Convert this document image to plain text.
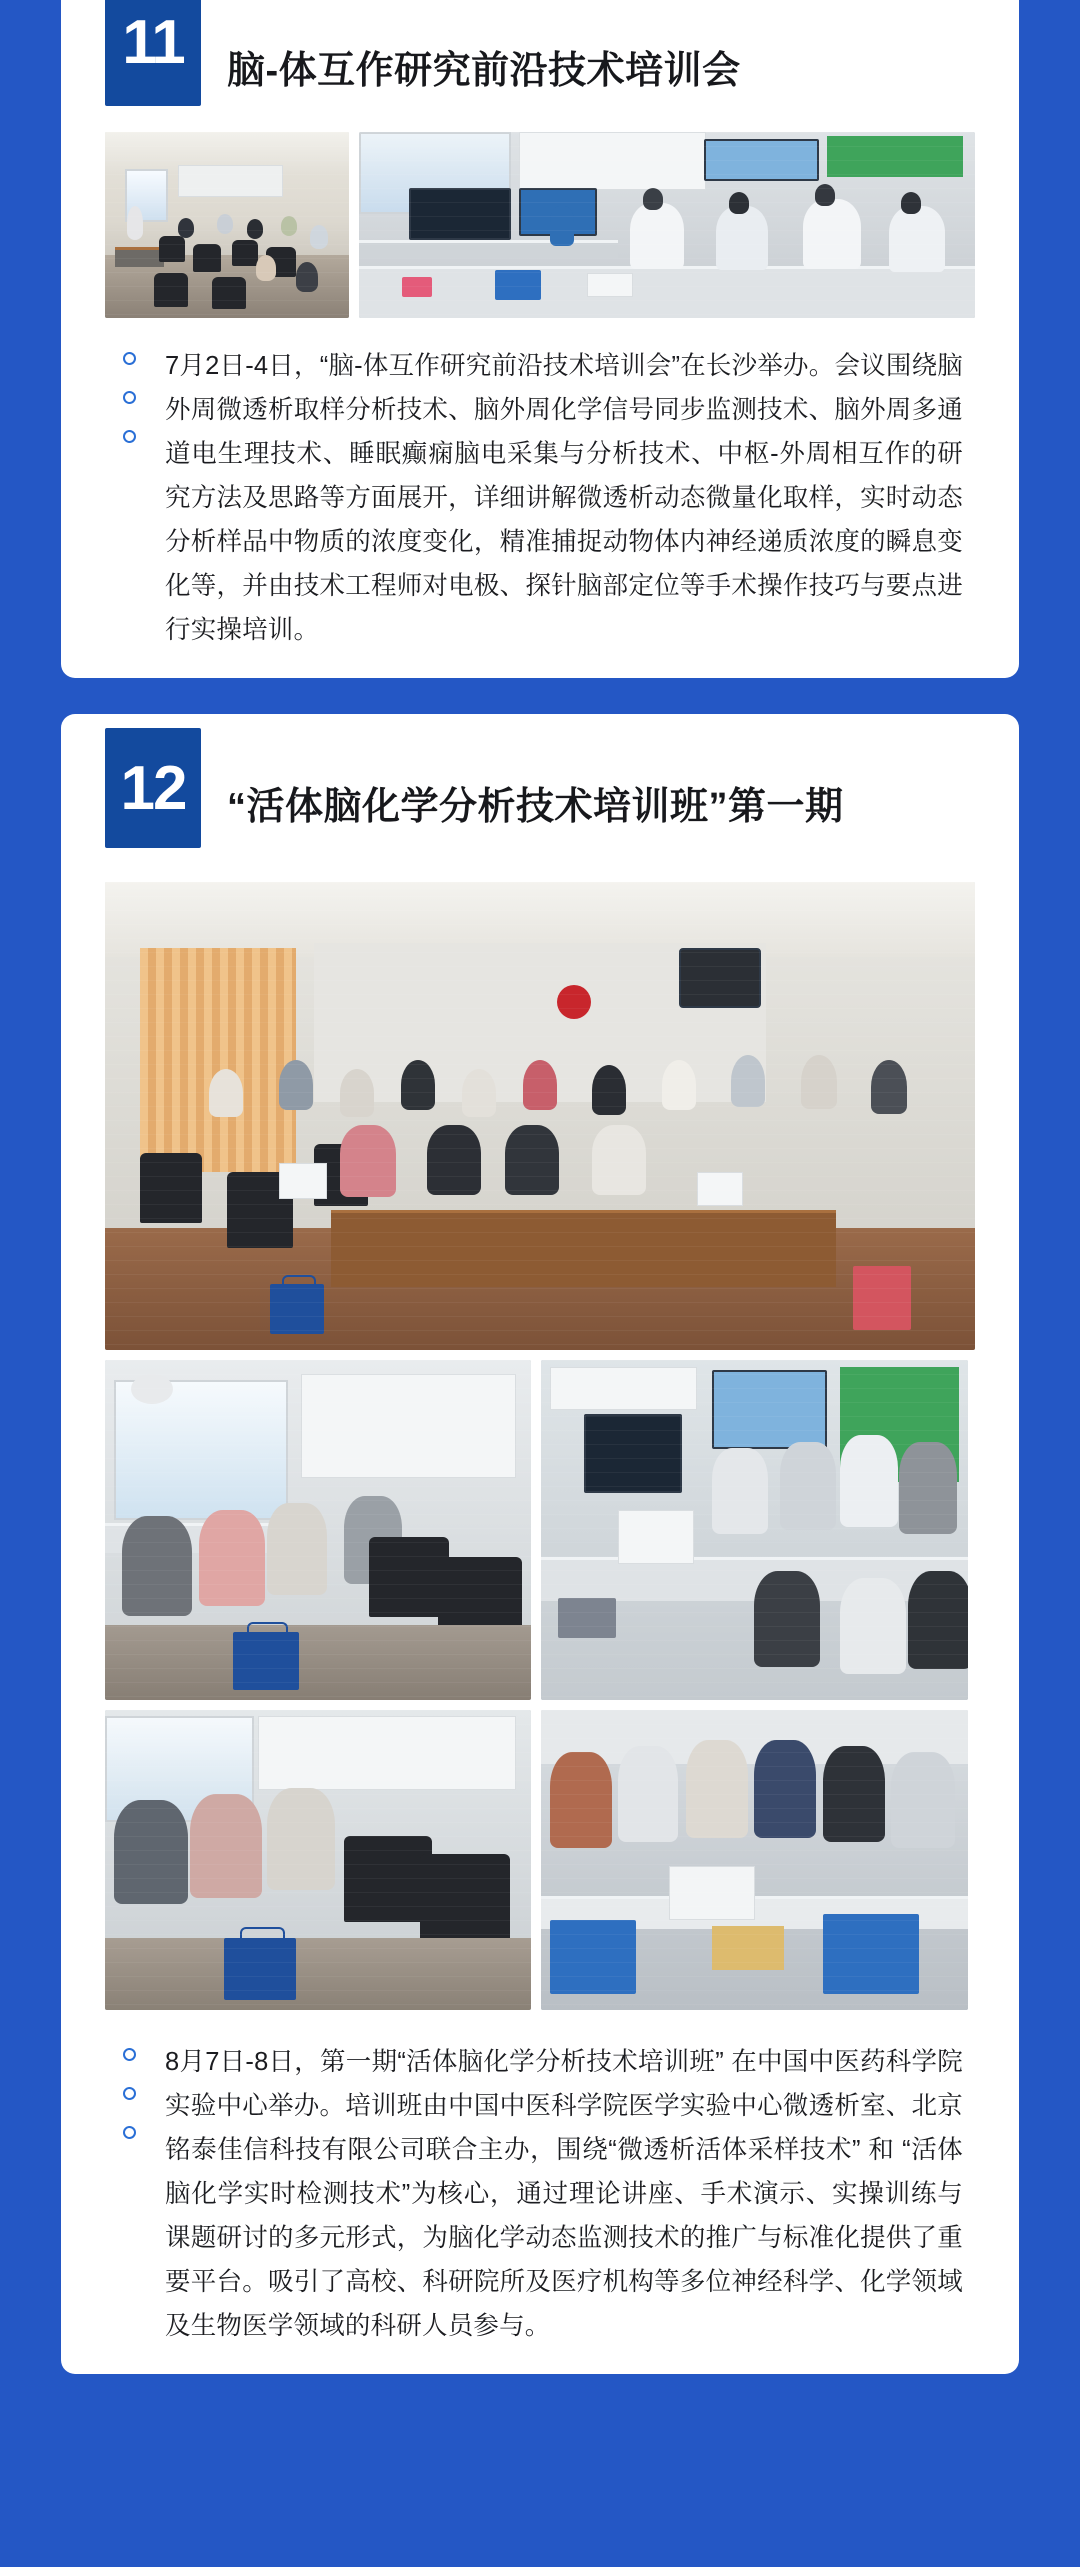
11	脑-体互作研究前沿技术培训会

7月2日-4日，“脑-体互作研究前沿技术培训会”在长沙举办。会议围绕脑外周微透析取样分析技术、脑外周化学信号同步监测技术、脑外周多通道电生理技术、睡眠癫痫脑电采集与分析技术、中枢-外周相互作的研究方法及思路等方面展开，详细讲解微透析动态微量化取样，实时动态分析样品中物质的浓度变化，精准捕捉动物体内神经递质浓度的瞬息变化等，并由技术工程师对电极、探针脑部定位等手术操作技巧与要点进行实操培训。

12	“活体脑化学分析技术培训班”第一期

8月7日-8日，第一期“活体脑化学分析技术培训班” 在中国中医药科学院实验中心举办。培训班由中国中医科学院医学实验中心微透析室、北京铭泰佳信科技有限公司联合主办，围绕“微透析活体采样技术” 和 “活体脑化学实时检测技术”为核心，通过理论讲座、手术演示、实操训练与课题研讨的多元形式，为脑化学动态监测技术的推广与标准化提供了重要平台。吸引了高校、科研院所及医疗机构等多位神经科学、化学领域及生物医学领域的科研人员参与。
